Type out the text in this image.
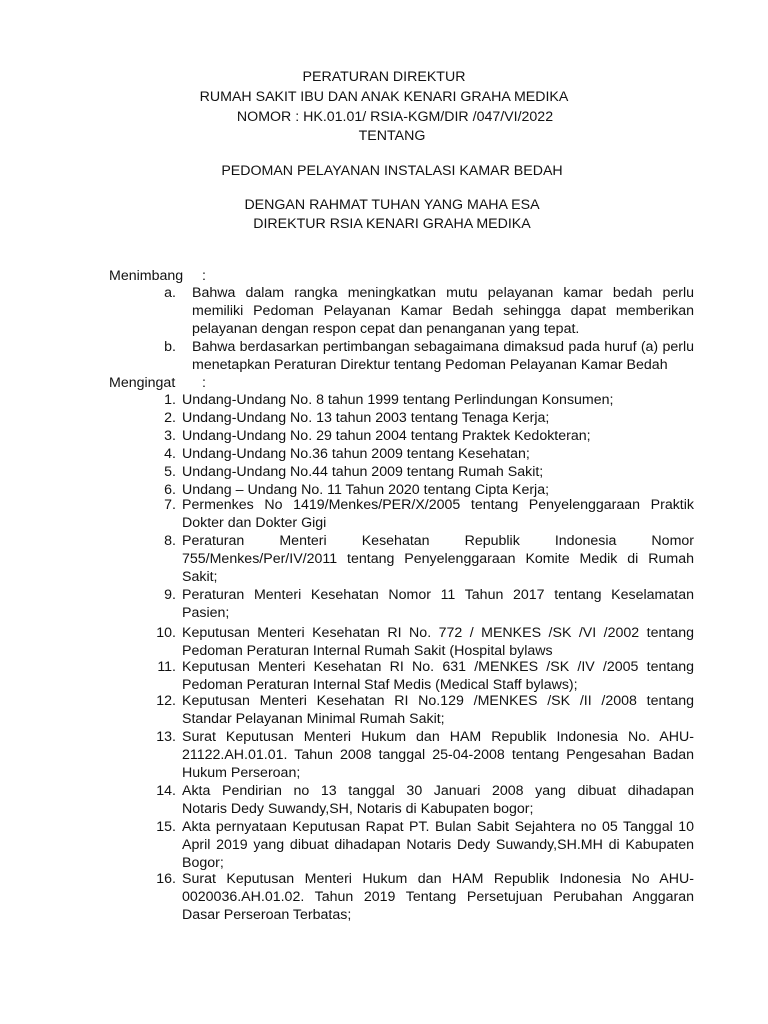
PERATURAN DIREKTUR
RUMAH SAKIT IBU DAN ANAK KENARI GRAHA MEDIKA
NOMOR : HK.01.01/ RSIA-KGM/DIR /047/VI/2022
TENTANG
PEDOMAN PELAYANAN INSTALASI KAMAR BEDAH
DENGAN RAHMAT TUHAN YANG MAHA ESA
DIREKTUR RSIA KENARI GRAHA MEDIKA
Menimbang :
a. Bahwa dalam rangka meningkatkan mutu pelayanan kamar bedah perlu
memiliki Pedoman Pelayanan Kamar Bedah sehingga dapat memberikan
pelayanan dengan respon cepat dan penanganan yang tepat.
b. Bahwa berdasarkan pertimbangan sebagaimana dimaksud pada huruf (a) perlu
menetapkan Peraturan Direktur tentang Pedoman Pelayanan Kamar Bedah
Mengingat :
1. Undang-Undang No. 8 tahun 1999 tentang Perlindungan Konsumen;
2. Undang-Undang No. 13 tahun 2003 tentang Tenaga Kerja;
3. Undang-Undang No. 29 tahun 2004 tentang Praktek Kedokteran;
4. Undang-Undang No.36 tahun 2009 tentang Kesehatan;
5. Undang-Undang No.44 tahun 2009 tentang Rumah Sakit;
6. Undang – Undang No. 11 Tahun 2020 tentang Cipta Kerja;
7. Permenkes No 1419/Menkes/PER/X/2005 tentang Penyelenggaraan Praktik
Dokter dan Dokter Gigi
8. Peraturan Menteri Kesehatan Republik Indonesia Nomor
755/Menkes/Per/IV/2011 tentang Penyelenggaraan Komite Medik di Rumah
Sakit;
9. Peraturan Menteri Kesehatan Nomor 11 Tahun 2017 tentang Keselamatan
Pasien;
10. Keputusan Menteri Kesehatan RI No. 772 / MENKES /SK /VI /2002 tentang
Pedoman Peraturan Internal Rumah Sakit (Hospital bylaws
11. Keputusan Menteri Kesehatan RI No. 631 /MENKES /SK /IV /2005 tentang
Pedoman Peraturan Internal Staf Medis (Medical Staff bylaws);
12. Keputusan Menteri Kesehatan RI No.129 /MENKES /SK /II /2008 tentang
Standar Pelayanan Minimal Rumah Sakit;
13. Surat Keputusan Menteri Hukum dan HAM Republik Indonesia No. AHU-
21122.AH.01.01. Tahun 2008 tanggal 25-04-2008 tentang Pengesahan Badan
Hukum Perseroan;
14. Akta Pendirian no 13 tanggal 30 Januari 2008 yang dibuat dihadapan
Notaris Dedy Suwandy,SH, Notaris di Kabupaten bogor;
15. Akta pernyataan Keputusan Rapat PT. Bulan Sabit Sejahtera no 05 Tanggal 10
April 2019 yang dibuat dihadapan Notaris Dedy Suwandy,SH.MH di Kabupaten
Bogor;
16. Surat Keputusan Menteri Hukum dan HAM Republik Indonesia No AHU-
0020036.AH.01.02. Tahun 2019 Tentang Persetujuan Perubahan Anggaran
Dasar Perseroan Terbatas;
